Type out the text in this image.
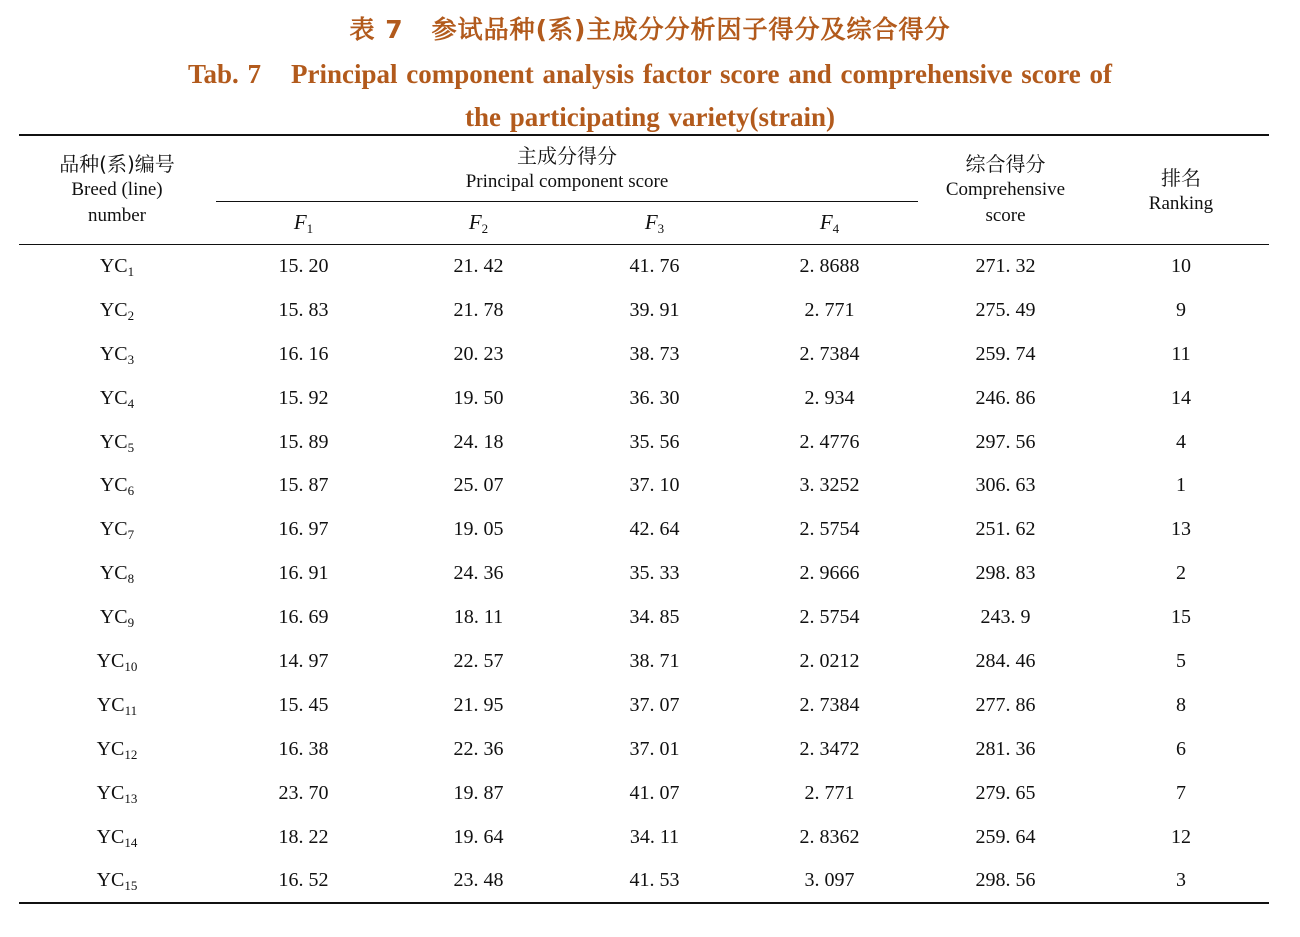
表 7 参试品种(系)主成分分析因子得分及综合得分
Tab. 7 Principal component analysis factor score and comprehensive score of
the participating variety(strain)
品种(系)编号
Breed (line)
number
主成分得分
Principal component score
综合得分
Comprehensive
score
排名
Ranking
$F_1$	$F_2$	$F_3$	$F_4$
$YC_1$	15. 20	21. 42	41. 76	2. 8688	271. 32	10
$YC_2$	15. 83	21. 78	39. 91	2. 771	275. 49	9
$YC_3$	16. 16	20. 23	38. 73	2. 7384	259. 74	11
$YC_4$	15. 92	19. 50	36. 30	2. 934	246. 86	14
$YC_5$	15. 89	24. 18	35. 56	2. 4776	297. 56	4
$YC_6$	15. 87	25. 07	37. 10	3. 3252	306. 63	1
$YC_7$	16. 97	19. 05	42. 64	2. 5754	251. 62	13
$YC_8$	16. 91	24. 36	35. 33	2. 9666	298. 83	2
$YC_9$	16. 69	18. 11	34. 85	2. 5754	243. 9	15
$YC_{10}$	14. 97	22. 57	38. 71	2. 0212	284. 46	5
$YC_{11}$	15. 45	21. 95	37. 07	2. 7384	277. 86	8
$YC_{12}$	16. 38	22. 36	37. 01	2. 3472	281. 36	6
$YC_{13}$	23. 70	19. 87	41. 07	2. 771	279. 65	7
$YC_{14}$	18. 22	19. 64	34. 11	2. 8362	259. 64	12
$YC_{15}$	16. 52	23. 48	41. 53	3. 097	298. 56	3
